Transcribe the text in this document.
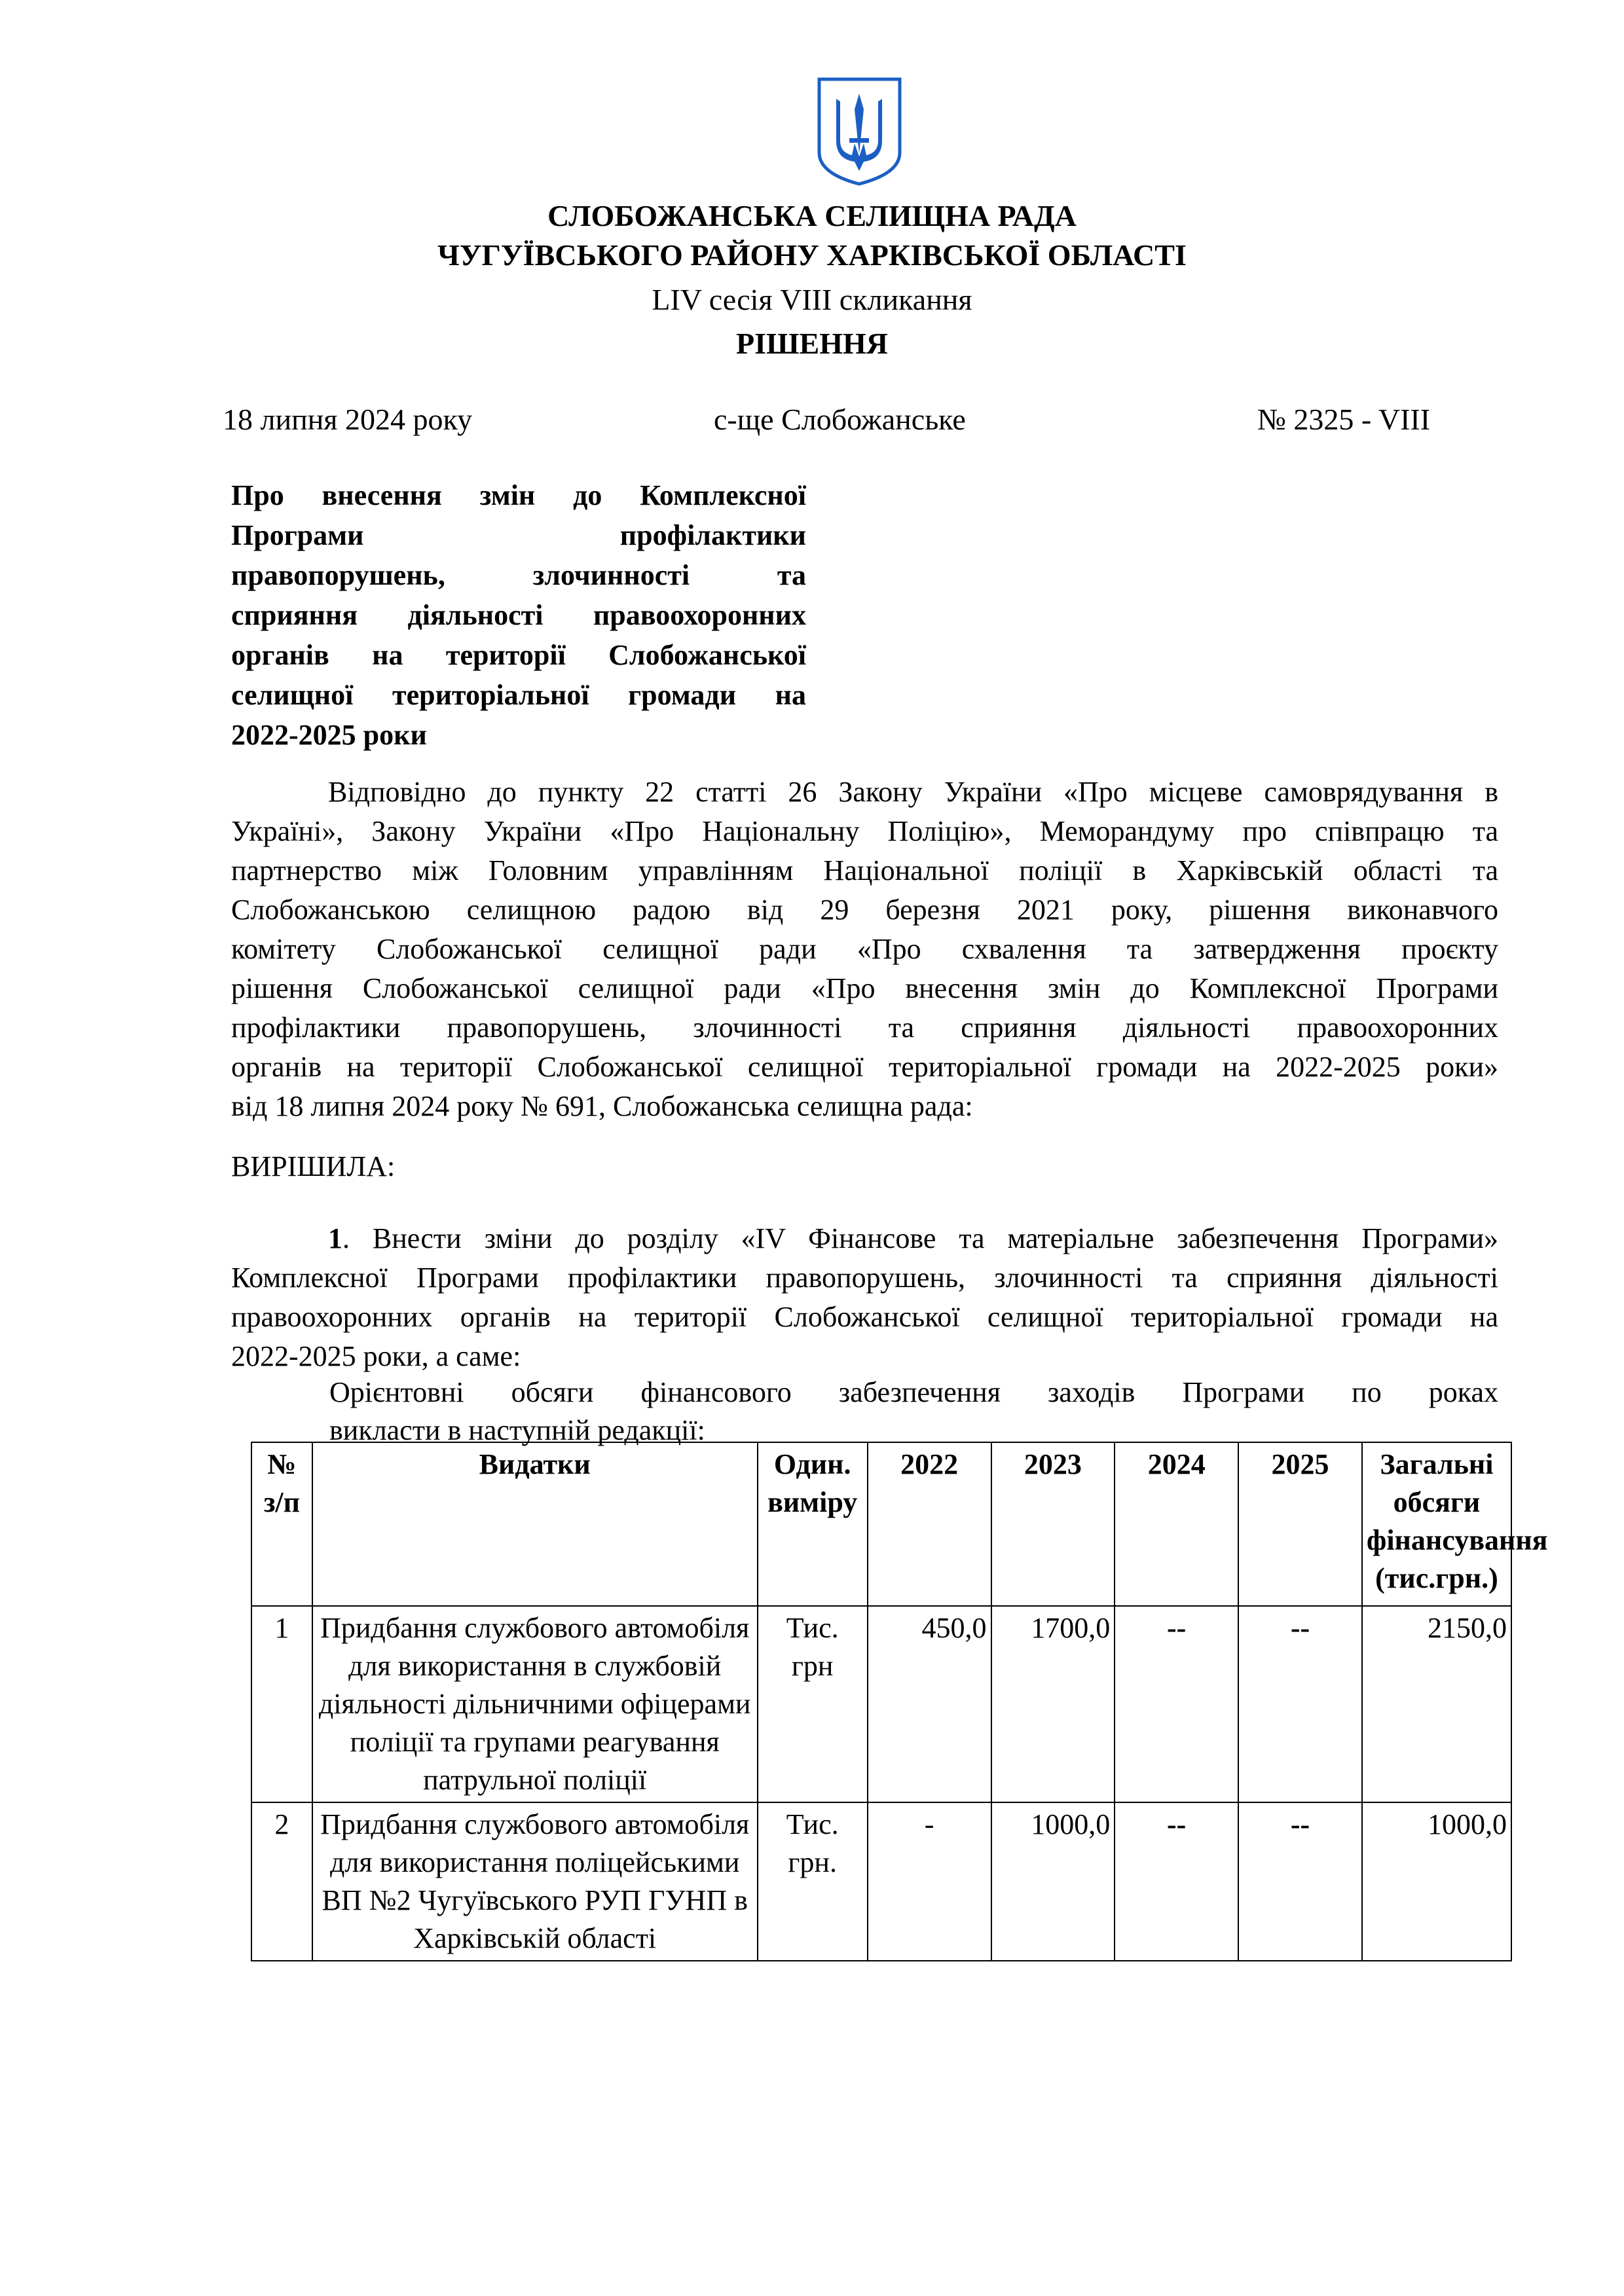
СЛОБОЖАНСЬКА СЕЛИЩНА РАДА
ЧУГУЇВСЬКОГО РАЙОНУ ХАРКІВСЬКОЇ ОБЛАСТІ
LIV сесія VIII скликання
РІШЕННЯ
18 липня 2024 року	с-ще Слобожанське	№ 2325 - VIII
Про внесення змін до Комплексної
Програми профілактики
правопорушень, злочинності та
сприяння діяльності правоохоронних
органів на території Слобожанської
селищної територіальної громади на
2022-2025 роки
Відповідно до пункту 22 статті 26 Закону України «Про місцеве самоврядування в
Україні», Закону України «Про Національну Поліцію», Меморандуму про співпрацю та
партнерство між Головним управлінням Національної поліції в Харківській області та
Слобожанською селищною радою від 29 березня 2021 року, рішення виконавчого
комітету Слобожанської селищної ради «Про схвалення та затвердження проєкту
рішення Слобожанської селищної ради «Про внесення змін до Комплексної Програми
профілактики правопорушень, злочинності та сприяння діяльності правоохоронних
органів на території Слобожанської селищної територіальної громади на 2022-2025 роки»
від 18 липня 2024 року № 691, Слобожанська селищна рада:
ВИРІШИЛА:
1. Внести зміни до розділу «IV Фінансове та матеріальне забезпечення Програми»
Комплексної Програми профілактики правопорушень, злочинності та сприяння діяльності
правоохоронних органів на території Слобожанської селищної територіальної громади на
2022-2025 роки, а саме:
Орієнтовні обсяги фінансового забезпечення заходів Програми по роках
викласти в наступній редакції:
№ з/п	Видатки	Один. виміру	2022	2023	2024	2025	Загальні обсяги фінансування (тис.грн.)
1	Придбання службового автомобіля для використання в службовій діяльності дільничними офіцерами поліції та групами реагування патрульної поліції	Тис. грн	450,0	1700,0	--	--	2150,0
2	Придбання службового автомобіля для використання поліцейськими ВП №2 Чугуївського РУП ГУНП в Харківській області	Тис. грн.	-	1000,0	--	--	1000,0
